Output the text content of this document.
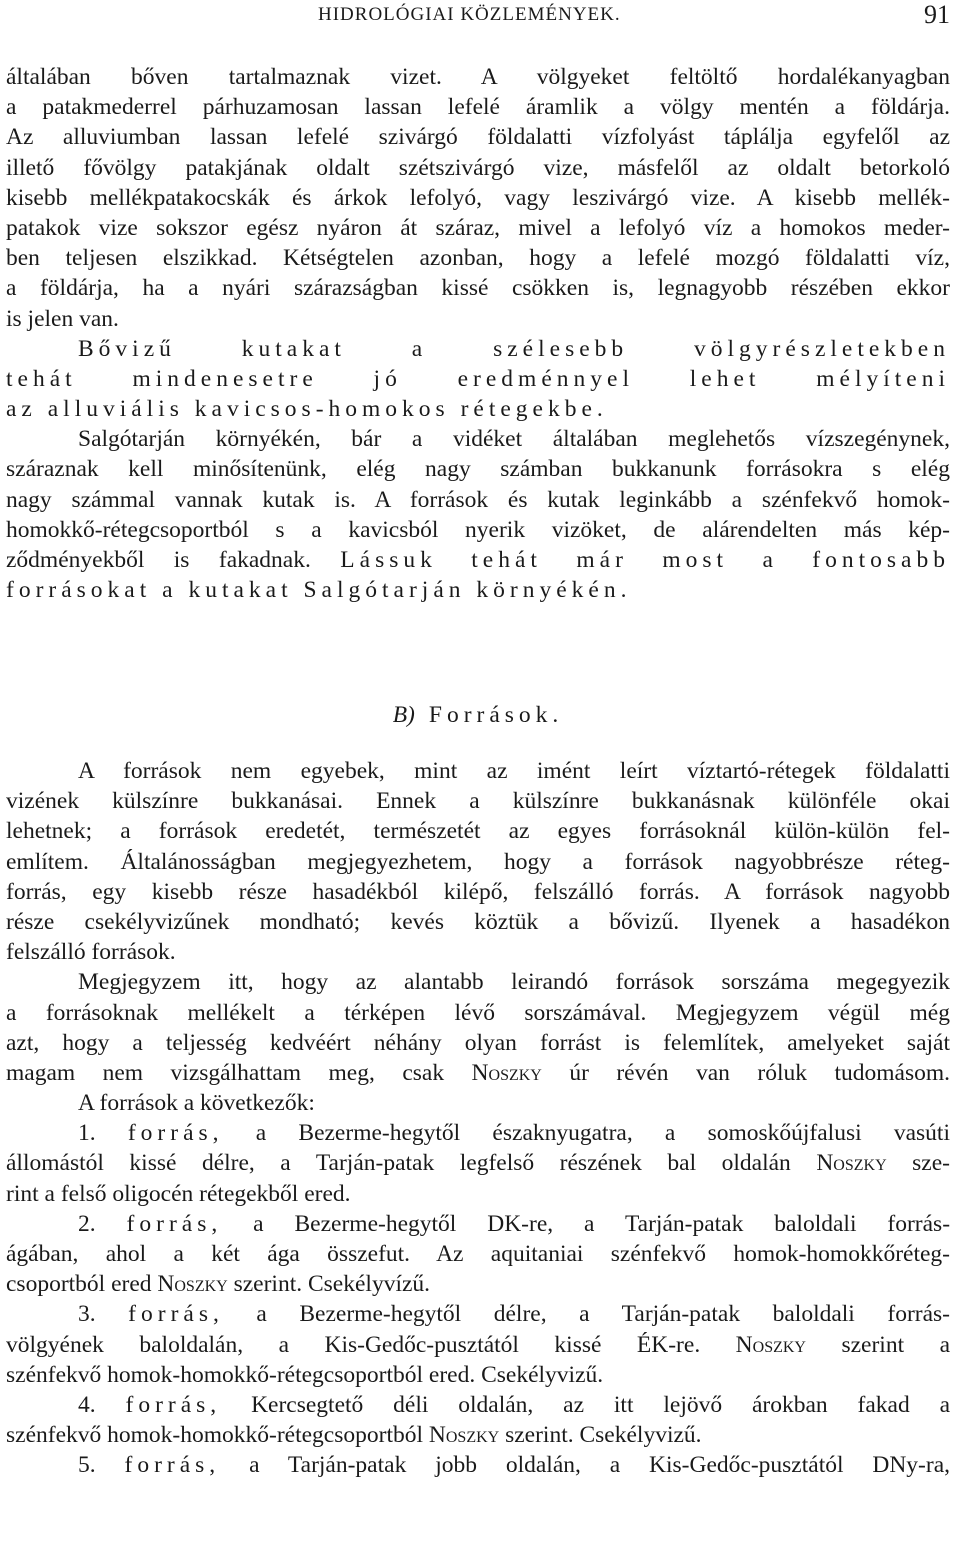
HIDROLÓGIAI KÖZLEMÉNYEK.	91
általában bőven tartalmaznak vizet. A völgyeket feltöltő hordalékanyagban
a patakmederrel párhuzamosan lassan lefelé áramlik a völgy mentén a földárja.
Az alluviumban lassan lefelé szivárgó földalatti vízfolyást táplálja egyfelől az
illető fővölgy patakjának oldalt szétszivárgó vize, másfelől az oldalt betorkoló
kisebb mellékpatakocskák és árkok lefolyó, vagy leszivárgó vize. A kisebb mellék-
patakok vize sokszor egész nyáron át száraz, mivel a lefolyó víz a homokos meder-
ben teljesen elszikkad. Kétségtelen azonban, hogy a lefelé mozgó földalatti víz,
a földárja, ha a nyári szárazságban kissé csökken is, legnagyobb részében ekkor
is jelen van.
Bővizű kutakat a szélesebb völgyrészletekben
tehát mindenesetre jó eredménnyel lehet mélyíteni
az alluviális kavicsos-homokos rétegekbe.
Salgótarján környékén, bár a vidéket általában meglehetős vízszegénynek,
száraznak kell minősítenünk, elég nagy számban bukkanunk forrásokra s elég
nagy számmal vannak kutak is. A források és kutak leginkább a szénfekvő homok-
homokkő-rétegcsoportból s a kavicsból nyerik vizöket, de alárendelten más kép-
ződményekből is fakadnak. Lássuk tehát már most a fontosabb
forrásokat a kutakat Salgótarján környékén.
B) Források.
A források nem egyebek, mint az imént leírt víztartó-rétegek földalatti
vizének külszínre bukkanásai. Ennek a külszínre bukkanásnak különféle okai
lehetnek; a források eredetét, természetét az egyes forrásoknál külön-külön fel-
említem. Általánosságban megjegyezhetem, hogy a források nagyobbrésze réteg-
forrás, egy kisebb része hasadékból kilépő, felszálló forrás. A források nagyobb
része csekélyvizűnek mondható; kevés köztük a bővizű. Ilyenek a hasadékon
felszálló források.
Megjegyzem itt, hogy az alantabb leirandó források sorszáma megegyezik
a forrásoknak mellékelt a térképen lévő sorszámával. Megjegyzem végül még
azt, hogy a teljesség kedvéért néhány olyan forrást is felemlítek, amelyeket saját
magam nem vizsgálhattam meg, csak Noszky úr révén van róluk tudomásom.
A források a következők:
1. forrás, a Bezerme-hegytől északnyugatra, a somoskőújfalusi vasúti
állomástól kissé délre, a Tarján-patak legfelső részének bal oldalán Noszky sze-
rint a felső oligocén rétegekből ered.
2. forrás, a Bezerme-hegytől DK-re, a Tarján-patak baloldali forrás-
ágában, ahol a két ága összefut. Az aquitaniai szénfekvő homok-homokkőréteg-
csoportból ered Noszky szerint. Csekélyvízű.
3. forrás, a Bezerme-hegytől délre, a Tarján-patak baloldali forrás-
völgyének baloldalán, a Kis-Gedőc-pusztától kissé ÉK-re. Noszky szerint a
szénfekvő homok-homokkő-rétegcsoportból ered. Csekélyvizű.
4. forrás, Kercsegtető déli oldalán, az itt lejövő árokban fakad a
szénfekvő homok-homokkő-rétegcsoportból Noszky szerint. Csekélyvizű.
5. forrás, a Tarján-patak jobb oldalán, a Kis-Gedőc-pusztától DNy-ra,
